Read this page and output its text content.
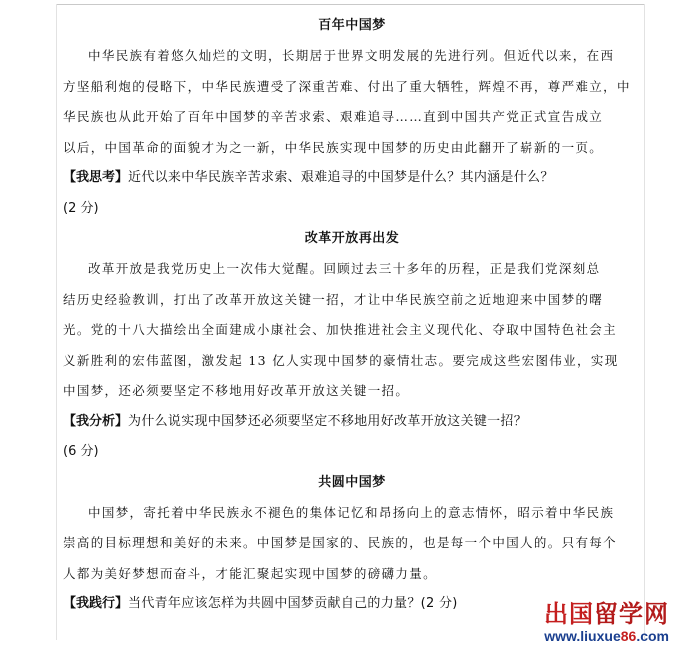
百年中国梦

中华民族有着悠久灿烂的文明，长期居于世界文明发展的先进行列。但近代以来，在西
方坚船利炮的侵略下，中华民族遭受了深重苦难、付出了重大牺牲，辉煌不再，尊严难立，中
华民族也从此开始了百年中国梦的辛苦求索、艰难追寻……直到中国共产党正式宣告成立
以后，中国革命的面貌才为之一新，中华民族实现中国梦的历史由此翻开了崭新的一页。

【我思考】近代以来中华民族辛苦求索、艰难追寻的中国梦是什么？其内涵是什么？

(2 分)

改革开放再出发

改革开放是我党历史上一次伟大觉醒。回顾过去三十多年的历程，正是我们党深刻总
结历史经验教训，打出了改革开放这关键一招，才让中华民族空前之近地迎来中国梦的曙
光。党的十八大描绘出全面建成小康社会、加快推进社会主义现代化、夺取中国特色社会主
义新胜利的宏伟蓝图，激发起 13 亿人实现中国梦的豪情壮志。要完成这些宏图伟业，实现
中国梦，还必须要坚定不移地用好改革开放这关键一招。

【我分析】为什么说实现中国梦还必须要坚定不移地用好改革开放这关键一招？

(6 分)

共圆中国梦

中国梦，寄托着中华民族永不褪色的集体记忆和昂扬向上的意志情怀，昭示着中华民族
崇高的目标理想和美好的未来。中国梦是国家的、民族的，也是每一个中国人的。只有每个
人都为美好梦想而奋斗，才能汇聚起实现中国梦的磅礴力量。

【我践行】当代青年应该怎样为共圆中国梦贡献自己的力量？(2 分)	出国留学网
www.liuxue86.com
